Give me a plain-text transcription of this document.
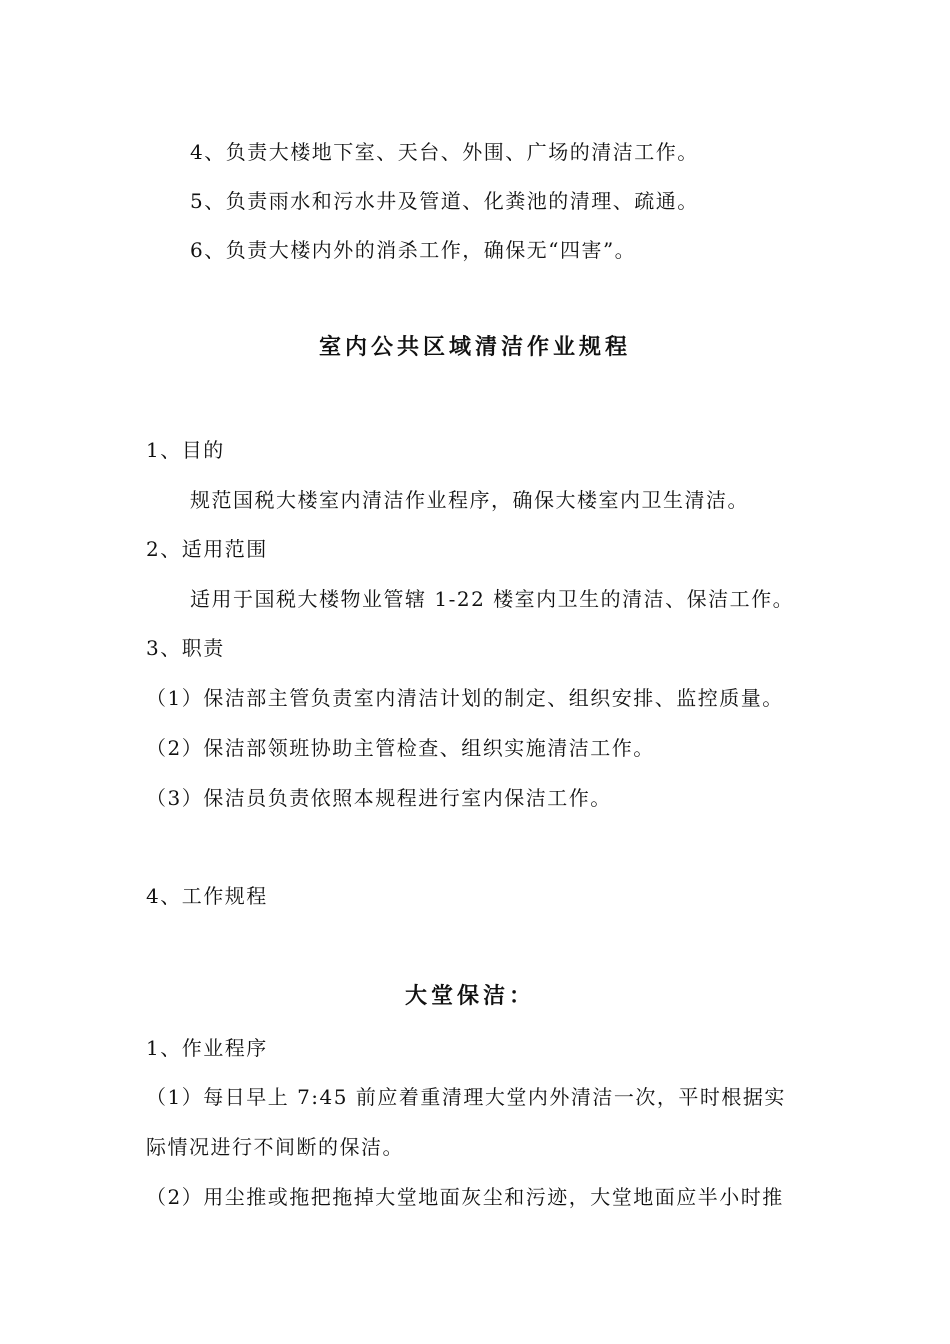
4、负责大楼地下室、天台、外围、广场的清洁工作。
5、负责雨水和污水井及管道、化粪池的清理、疏通。
6、负责大楼内外的消杀工作，确保无“四害”。
室内公共区域清洁作业规程
1、目的
规范国税大楼室内清洁作业程序，确保大楼室内卫生清洁。
2、适用范围
适用于国税大楼物业管辖 1-22 楼室内卫生的清洁、保洁工作。
3、职责
（1）保洁部主管负责室内清洁计划的制定、组织安排、监控质量。
（2）保洁部领班协助主管检查、组织实施清洁工作。
（3）保洁员负责依照本规程进行室内保洁工作。
4、工作规程
大堂保洁：
1、作业程序
（1）每日早上 7:45 前应着重清理大堂内外清洁一次，平时根据实
际情况进行不间断的保洁。
（2）用尘推或拖把拖掉大堂地面灰尘和污迹，大堂地面应半小时推
